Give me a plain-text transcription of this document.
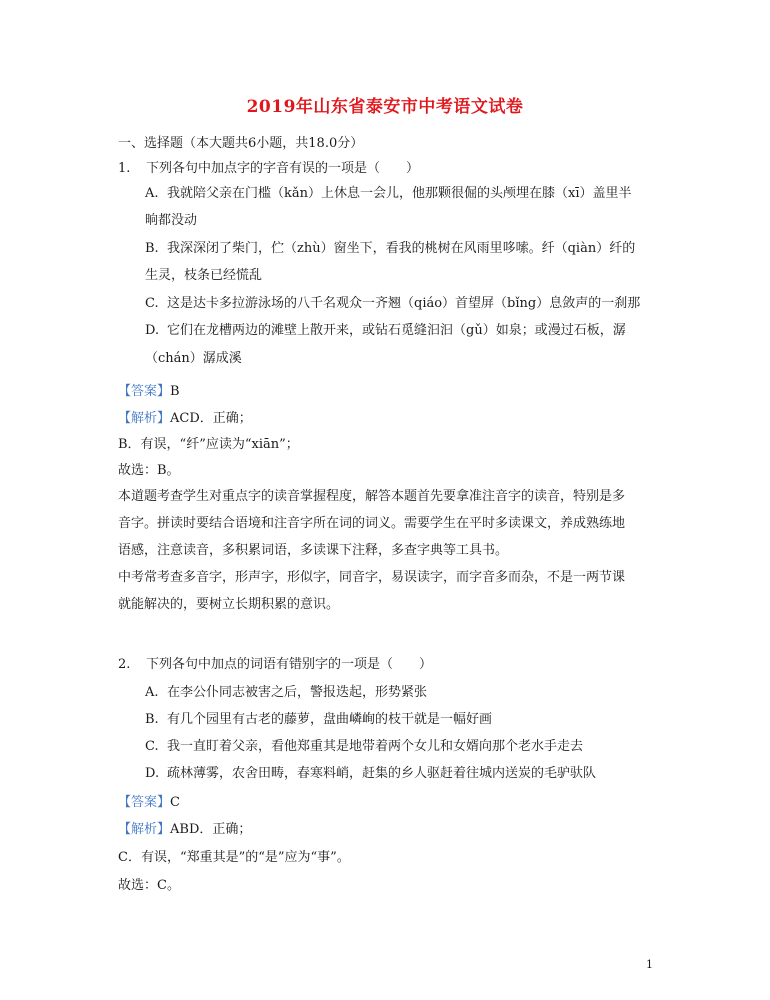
2019年山东省泰安市中考语文试卷
一、选择题（本大题共6小题，共18.0分）
1. 下列各句中加点字的字音有误的一项是（　　）
A. 我就陪父亲在门槛（kǎn）上休息一会儿，他那颗很倔的头颅埋在膝（xī）盖里半
晌都没动
B. 我深深闭了柴门，伫（zhù）窗坐下，看我的桃树在风雨里哆嗦。纤（qiàn）纤的
生灵，枝条已经慌乱
C. 这是达卡多拉游泳场的八千名观众一齐翘（qiáo）首望屏（bǐng）息敛声的一刹那
D. 它们在龙槽两边的滩壁上散开来，或钻石觅缝汩汩（gǔ）如泉；或漫过石板，潺
（chán）潺成溪
【答案】B
【解析】ACD．正确；
B．有误，“纤”应读为“xiān”；
故选：B。
本道题考查学生对重点字的读音掌握程度，解答本题首先要拿准注音字的读音，特别是多
音字。拼读时要结合语境和注音字所在词的词义。需要学生在平时多读课文，养成熟练地
语感，注意读音，多积累词语，多读课下注释，多查字典等工具书。
中考常考查多音字，形声字，形似字，同音字，易误读字，而字音多而杂，不是一两节课
就能解决的，要树立长期积累的意识。
2. 下列各句中加点的词语有错别字的一项是（　　）
A. 在李公仆同志被害之后，警报迭起，形势紧张
B. 有几个园里有古老的藤萝，盘曲嶙峋的枝干就是一幅好画
C. 我一直盯着父亲，看他郑重其是地带着两个女儿和女婿向那个老水手走去
D. 疏林薄雾，农舍田畴，春寒料峭，赶集的乡人驱赶着往城内送炭的毛驴驮队
【答案】C
【解析】ABD．正确；
C．有误，“郑重其是”的“是”应为“事”。
故选：C。
1
